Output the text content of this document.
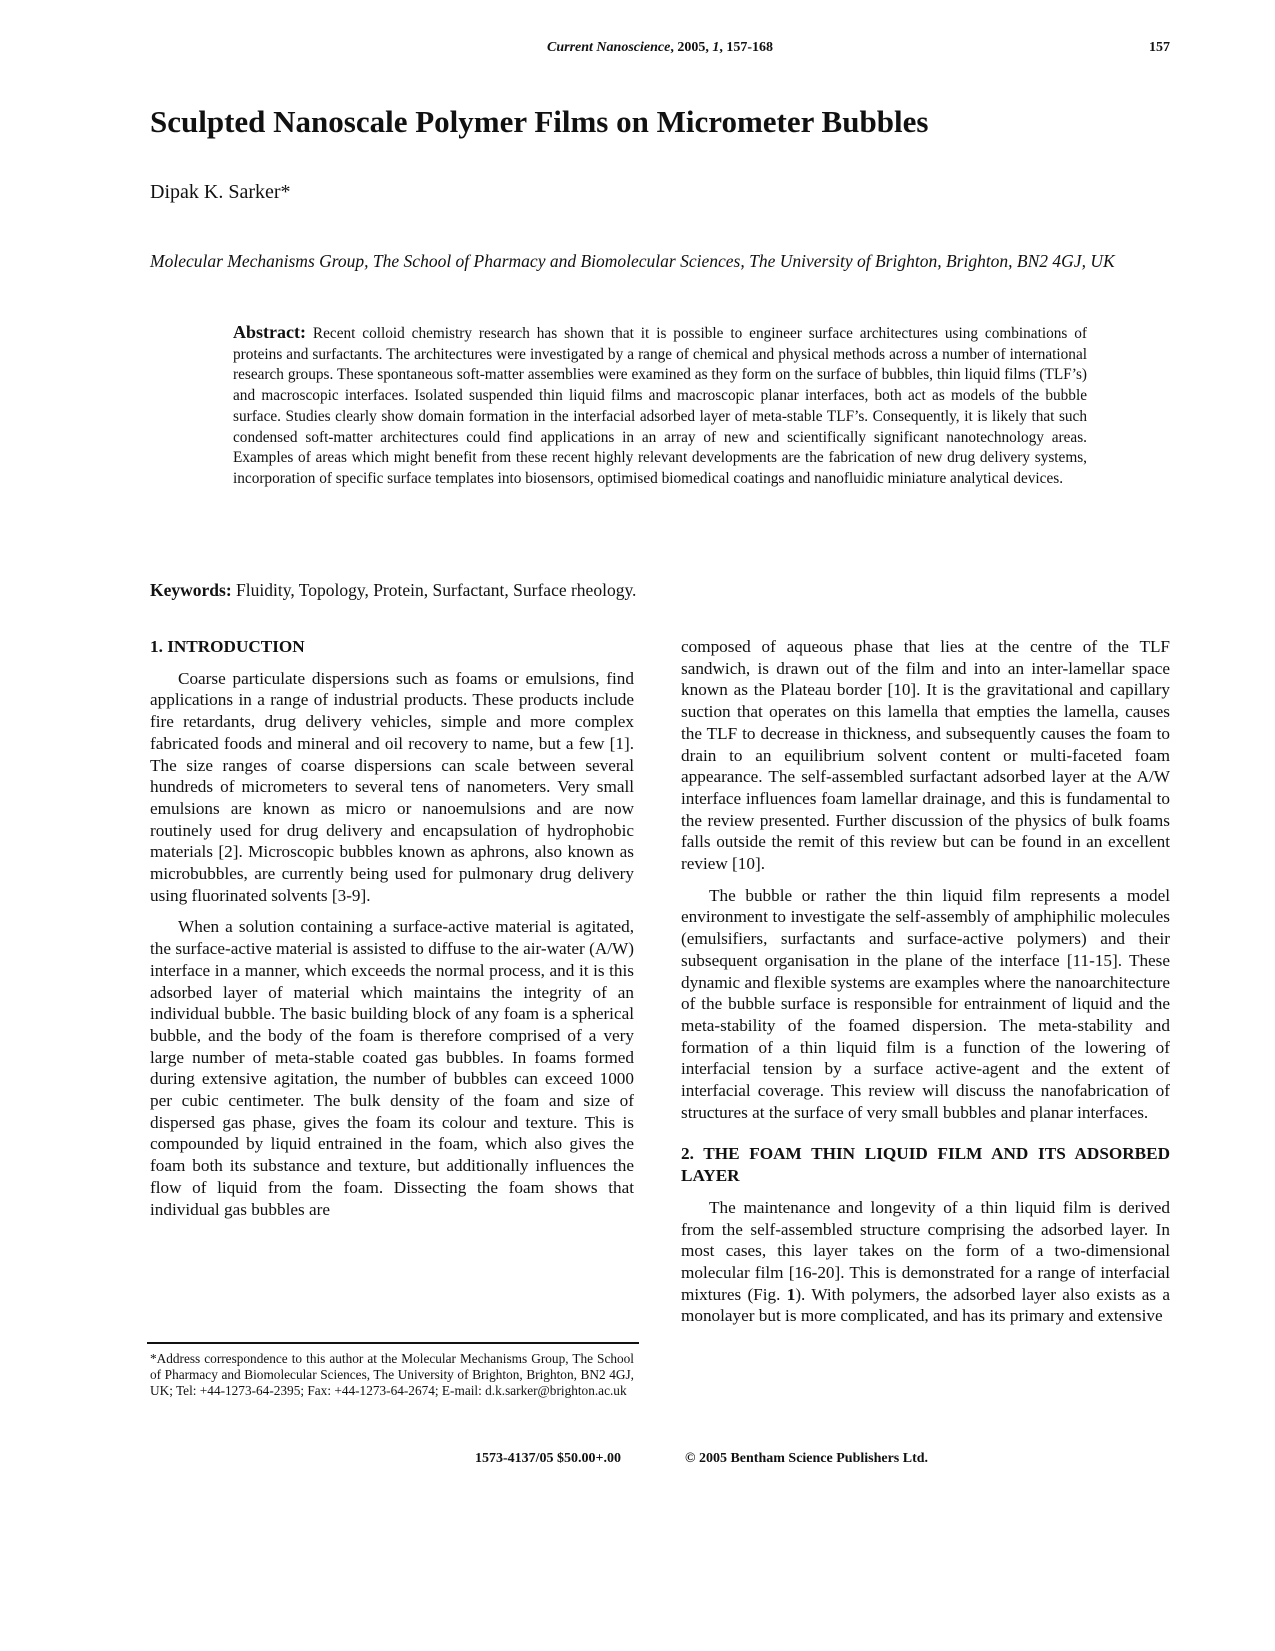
Current Nanoscience, 2005, 1, 157-168	157
Sculpted Nanoscale Polymer Films on Micrometer Bubbles
Dipak K. Sarker*
Molecular Mechanisms Group, The School of Pharmacy and Biomolecular Sciences, The University of Brighton, Brighton, BN2 4GJ, UK
Abstract: Recent colloid chemistry research has shown that it is possible to engineer surface architectures using combinations of proteins and surfactants. The architectures were investigated by a range of chemical and physical methods across a number of international research groups. These spontaneous soft-matter assemblies were examined as they form on the surface of bubbles, thin liquid films (TLF’s) and macroscopic interfaces. Isolated suspended thin liquid films and macroscopic planar interfaces, both act as models of the bubble surface. Studies clearly show domain formation in the interfacial adsorbed layer of meta-stable TLF’s. Consequently, it is likely that such condensed soft-matter architectures could find applications in an array of new and scientifically significant nanotechnology areas. Examples of areas which might benefit from these recent highly relevant developments are the fabrication of new drug delivery systems, incorporation of specific surface templates into biosensors, optimised biomedical coatings and nanofluidic miniature analytical devices.
Keywords: Fluidity, Topology, Protein, Surfactant, Surface rheology.
1. INTRODUCTION

Coarse particulate dispersions such as foams or emulsions, find applications in a range of industrial products. These products include fire retardants, drug delivery vehicles, simple and more complex fabricated foods and mineral and oil recovery to name, but a few [1]. The size ranges of coarse dispersions can scale between several hundreds of micrometers to several tens of nanometers. Very small emulsions are known as micro or nanoemulsions and are now routinely used for drug delivery and encapsulation of hydrophobic materials [2]. Microscopic bubbles known as aphrons, also known as microbubbles, are currently being used for pulmonary drug delivery using fluorinated solvents [3-9].

When a solution containing a surface-active material is agitated, the surface-active material is assisted to diffuse to the air-water (A/W) interface in a manner, which exceeds the normal process, and it is this adsorbed layer of material which maintains the integrity of an individual bubble. The basic building block of any foam is a spherical bubble, and the body of the foam is therefore comprised of a very large number of meta-stable coated gas bubbles. In foams formed during extensive agitation, the number of bubbles can exceed 1000 per cubic centimeter. The bulk density of the foam and size of dispersed gas phase, gives the foam its colour and texture. This is compounded by liquid entrained in the foam, which also gives the foam both its substance and texture, but additionally influences the flow of liquid from the foam. Dissecting the foam shows that individual gas bubbles are

composed of aqueous phase that lies at the centre of the TLF sandwich, is drawn out of the film and into an inter-lamellar space known as the Plateau border [10]. It is the gravitational and capillary suction that operates on this lamella that empties the lamella, causes the TLF to decrease in thickness, and subsequently causes the foam to drain to an equilibrium solvent content or multi-faceted foam appearance. The self-assembled surfactant adsorbed layer at the A/W interface influences foam lamellar drainage, and this is fundamental to the review presented. Further discussion of the physics of bulk foams falls outside the remit of this review but can be found in an excellent review [10].

The bubble or rather the thin liquid film represents a model environment to investigate the self-assembly of amphiphilic molecules (emulsifiers, surfactants and surface-active polymers) and their subsequent organisation in the plane of the interface [11-15]. These dynamic and flexible systems are examples where the nanoarchitecture of the bubble surface is responsible for entrainment of liquid and the meta-stability of the foamed dispersion. The meta-stability and formation of a thin liquid film is a function of the lowering of interfacial tension by a surface active-agent and the extent of interfacial coverage. This review will discuss the nanofabrication of structures at the surface of very small bubbles and planar interfaces.

2. THE FOAM THIN LIQUID FILM AND ITS ADSORBED LAYER

The maintenance and longevity of a thin liquid film is derived from the self-assembled structure comprising the adsorbed layer. In most cases, this layer takes on the form of a two-dimensional molecular film [16-20]. This is demonstrated for a range of interfacial mixtures (Fig. 1). With polymers, the adsorbed layer also exists as a monolayer but is more complicated, and has its primary and extensive

*Address correspondence to this author at the Molecular Mechanisms Group, The School of Pharmacy and Biomolecular Sciences, The University of Brighton, Brighton, BN2 4GJ, UK; Tel: +44-1273-64-2395; Fax: +44-1273-64-2674; E-mail: d.k.sarker@brighton.ac.uk
1573-4137/05 $50.00+.00	© 2005 Bentham Science Publishers Ltd.
